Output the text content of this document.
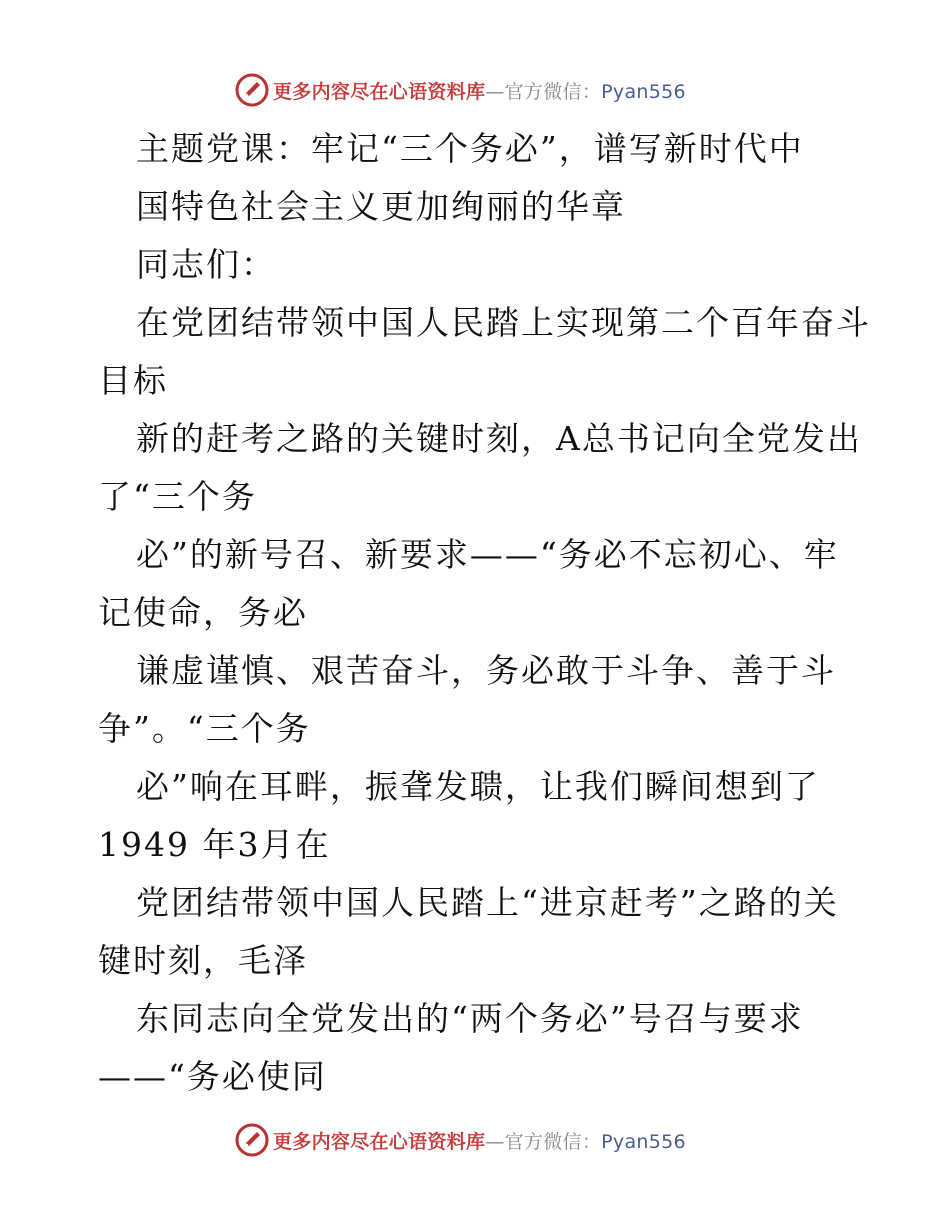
更多内容尽在心语资料库—官方微信：Pyan556
主题党课：牢记“三个务必”，谱写新时代中
国特色社会主义更加绚丽的华章
同志们：
在党团结带领中国人民踏上实现第二个百年奋斗
目标
新的赶考之路的关键时刻，A总书记向全党发出
了“三个务
必”的新号召、新要求——“务必不忘初心、牢
记使命，务必
谦虚谨慎、艰苦奋斗，务必敢于斗争、善于斗
争”。“三个务
必”响在耳畔，振聋发聩，让我们瞬间想到了
1949 年3月在
党团结带领中国人民踏上“进京赶考”之路的关
键时刻，毛泽
东同志向全党发出的“两个务必”号召与要求
——“务必使同
更多内容尽在心语资料库—官方微信：Pyan556
